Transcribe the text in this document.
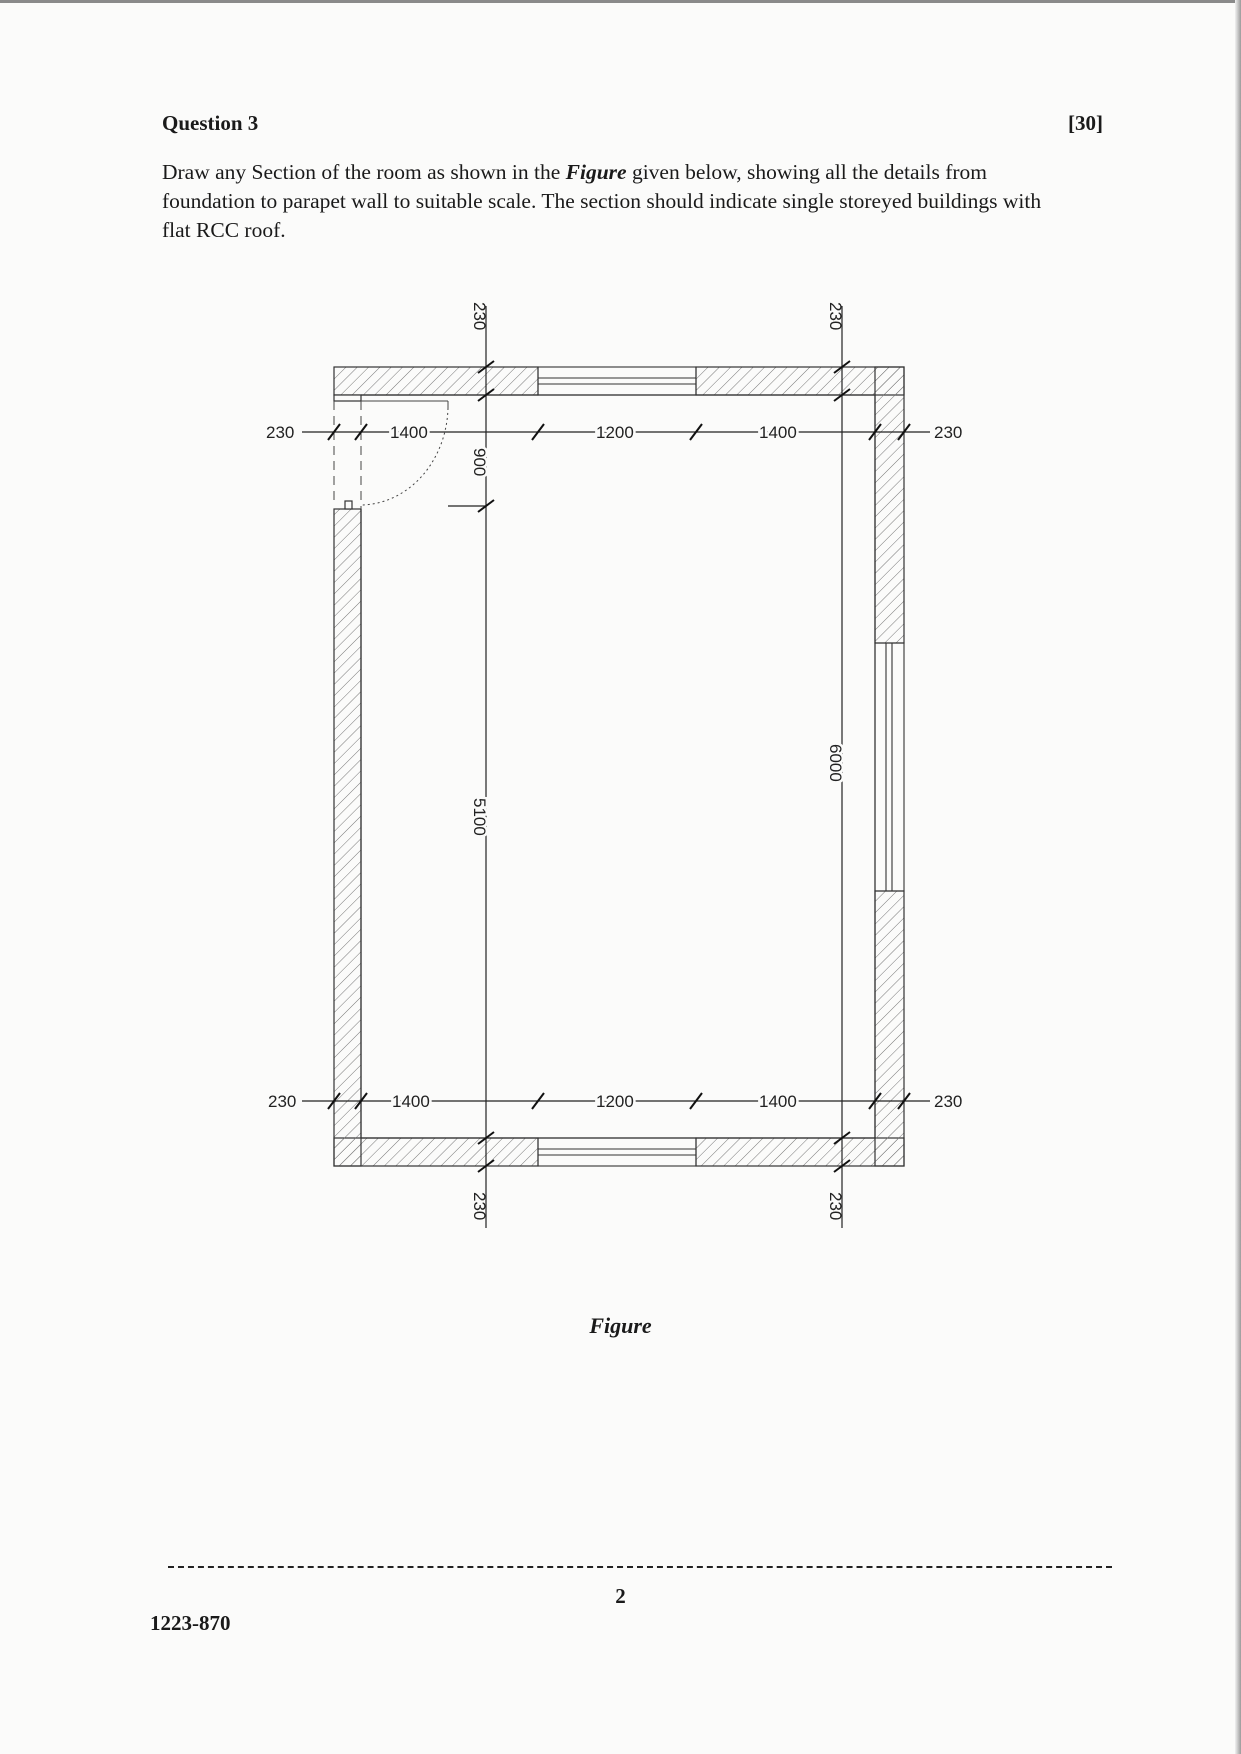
Question 3	[30]
Draw any Section of the room as shown in the Figure given below, showing all the details from foundation to parapet wall to suitable scale. The section should indicate single storeyed buildings with flat RCC roof.
230	1400	1200	1400	230
230	1400	1200	1400	230
230
900
5100
230
230
6000
230
Figure
2
1223-870
